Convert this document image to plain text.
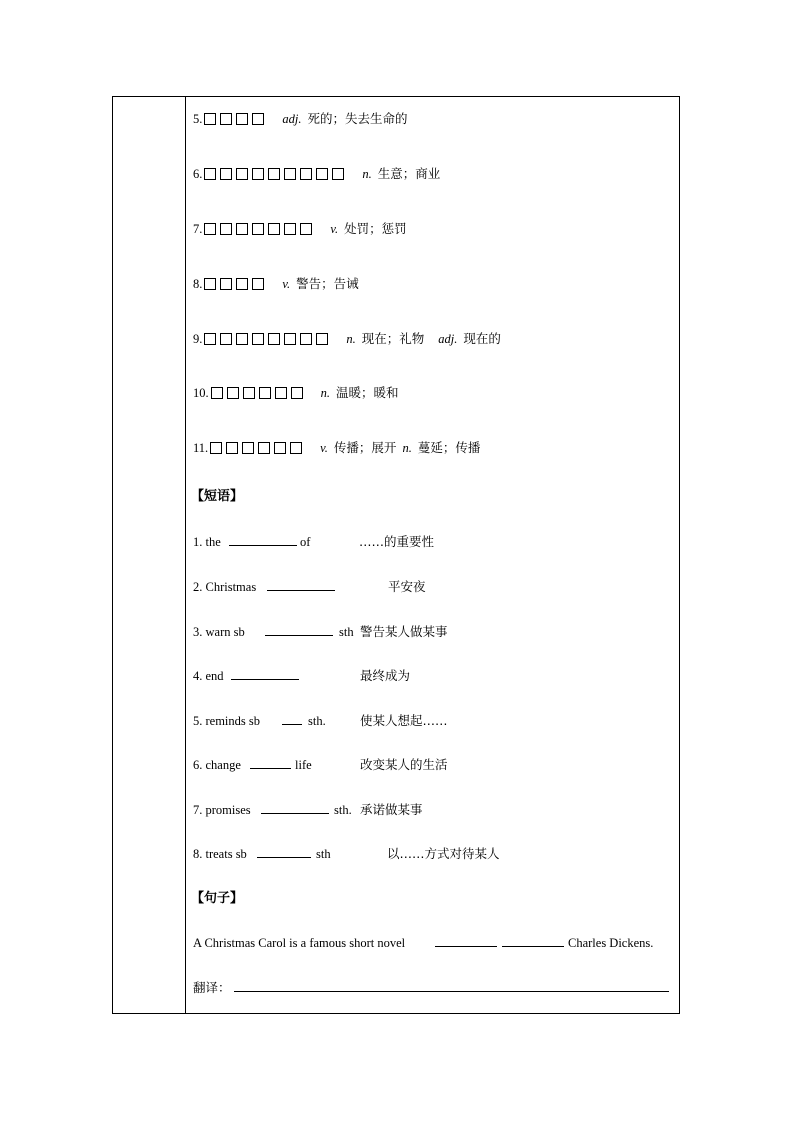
5.	adj. 死的；失去生命的
6.	n. 生意；商业
7.	v. 处罚；惩罚
8.	v. 警告；告诫
9.	n. 现在；礼物 adj. 现在的
10.	n. 温暖；暖和
11.	v. 传播；展开 n. 蔓延；传播
【短语】
1. the	of	……的重要性
2. Christmas	平安夜
3. warn sb	sth 警告某人做某事
4. end	最终成为
5. reminds sb	sth.	使某人想起……
6. change	life	改变某人的生活
7. promises	sth. 承诺做某事
8. treats sb	sth	以……方式对待某人
【句子】
A Christmas Carol is a famous short novel	Charles Dickens.
翻译：
